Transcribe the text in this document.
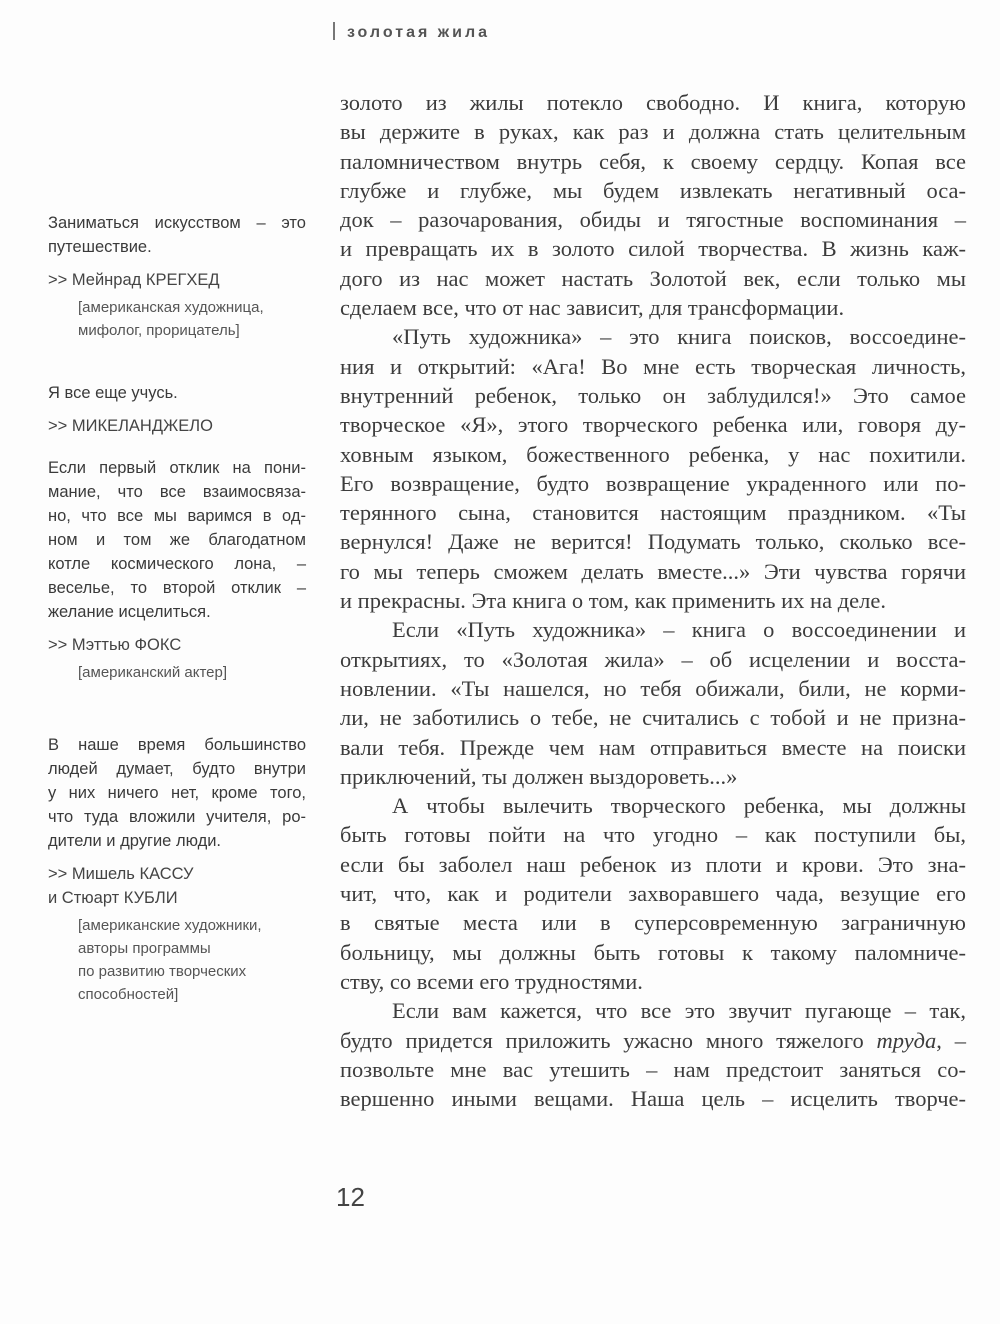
золотая жила
золото из жилы потекло свободно. И книга, которую
вы держите в руках, как раз и должна стать целительным
паломничеством внутрь себя, к своему сердцу. Копая все
глубже и глубже, мы будем извлекать негативный оса-
док – разочарования, обиды и тягостные воспоминания –
и превращать их в золото силой творчества. В жизнь каж-
дого из нас может настать Золотой век, если только мы
сделаем все, что от нас зависит, для трансформации.
«Путь художника» – это книга поисков, воссоедине-
ния и открытий: «Ага! Во мне есть творческая личность,
внутренний ребенок, только он заблудился!» Это самое
творческое «Я», этого творческого ребенка или, говоря ду-
ховным языком, божественного ребенка, у нас похитили.
Его возвращение, будто возвращение украденного или по-
терянного сына, становится настоящим праздником. «Ты
вернулся! Даже не верится! Подумать только, сколько все-
го мы теперь сможем делать вместе...» Эти чувства горячи
и прекрасны. Эта книга о том, как применить их на деле.
Если «Путь художника» – книга о воссоединении и
открытиях, то «Золотая жила» – об исцелении и восста-
новлении. «Ты нашелся, но тебя обижали, били, не корми-
ли, не заботились о тебе, не считались с тобой и не призна-
вали тебя. Прежде чем нам отправиться вместе на поиски
приключений, ты должен выздороветь...»
А чтобы вылечить творческого ребенка, мы должны
быть готовы пойти на что угодно – как поступили бы,
если бы заболел наш ребенок из плоти и крови. Это зна-
чит, что, как и родители захворавшего чада, везущие его
в святые места или в суперсовременную заграничную
больницу, мы должны быть готовы к такому паломниче-
ству, со всеми его трудностями.
Если вам кажется, что все это звучит пугающе – так,
будто придется приложить ужасно много тяжелого труда, –
позвольте мне вас утешить – нам предстоит заняться со-
вершенно иными вещами. Наша цель – исцелить творче-
Заниматься искусством – это
путешествие.
>> Мейнрад КРЕГХЕД
[американская художница,
мифолог, прорицатель]
Я все еще учусь.
>> МИКЕЛАНДЖЕЛО
Если первый отклик на пони-
мание, что все взаимосвяза-
но, что все мы варимся в од-
ном и том же благодатном
котле космического лона, –
веселье, то второй отклик –
желание исцелиться.
>> Мэттью ФОКС
[американский актер]
В наше время большинство
людей думает, будто внутри
у них ничего нет, кроме того,
что туда вложили учителя, ро-
дители и другие люди.
>> Мишель КАССУ
и Стюарт КУБЛИ
[американские художники,
авторы программы
по развитию творческих
способностей]
12
